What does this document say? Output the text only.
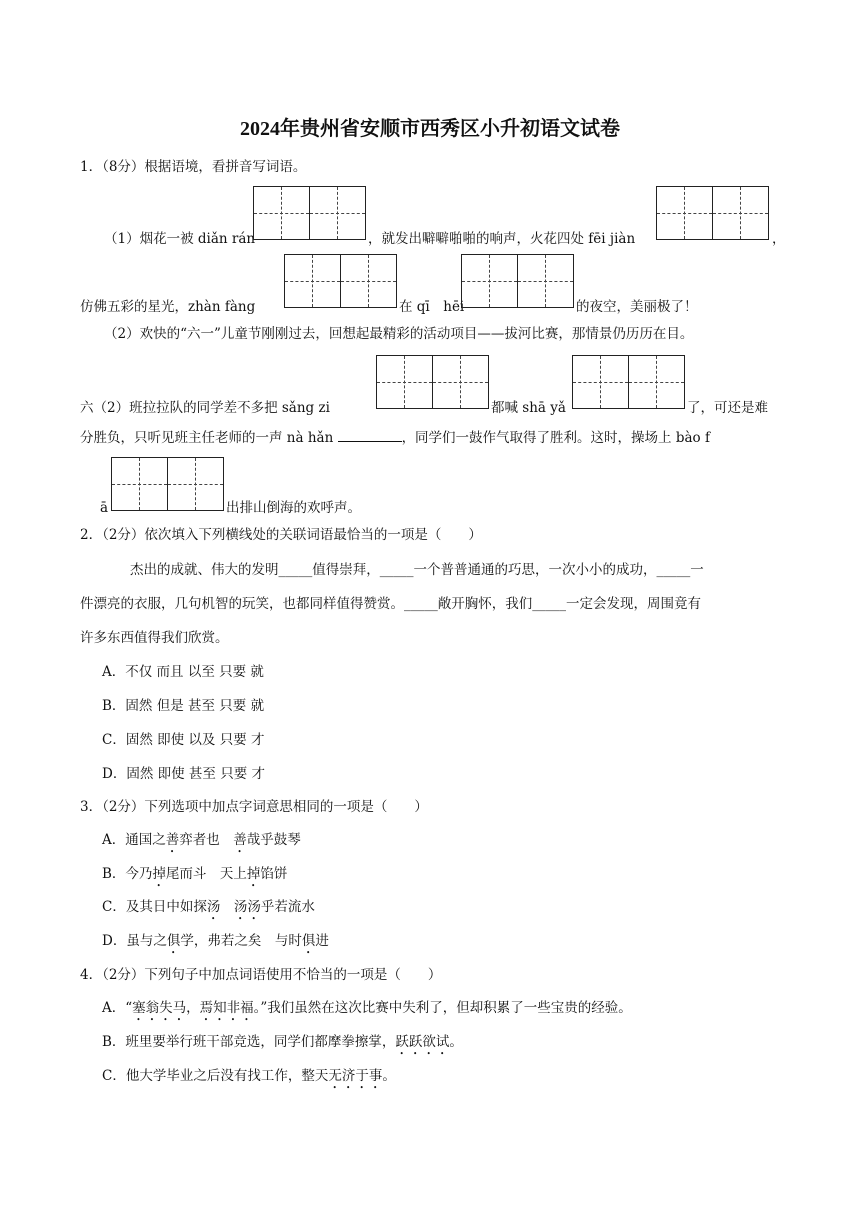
2024年贵州省安顺市西秀区小升初语文试卷
1．（8分）根据语境，看拼音写词语。
（1）烟花一被 diǎn rán	，就发出噼噼啪啪的响声，火花四处 fēi jiàn	，
仿佛五彩的星光，zhàn fàng	在 qī　hēi	的夜空，美丽极了！
（2）欢快的“六一”儿童节刚刚过去，回想起最精彩的活动项目——拔河比赛，那情景仍历历在目。
六（2）班拉拉队的同学差不多把 sǎng zi	都喊 shā yǎ	了，可还是难
分胜负，只听见班主任老师的一声 nà hǎn	，同学们一鼓作气取得了胜利。这时，操场上 bào f
ā	出排山倒海的欢呼声。
2．（2分）依次填入下列横线处的关联词语最恰当的一项是（　　）
杰出的成就、伟大的发明_____值得崇拜，_____一个普普通通的巧思，一次小小的成功，_____一
件漂亮的衣服，几句机智的玩笑，也都同样值得赞赏。_____敞开胸怀，我们_____一定会发现，周围竟有
许多东西值得我们欣赏。
A．不仅 而且 以至 只要 就
B．固然 但是 甚至 只要 就
C．固然 即使 以及 只要 才
D．固然 即使 甚至 只要 才
3．（2分）下列选项中加点字词意思相同的一项是（　　）
A．通国之善弈者也　善哉乎鼓琴
B．今乃掉尾而斗　天上掉馅饼
C．及其日中如探汤　 汤汤乎若流水
D．虽与之俱学，弗若之矣　与时俱进
4．（2分）下列句子中加点词语使用不恰当的一项是（　　）
A．“塞翁失马，焉知非福。”我们虽然在这次比赛中失利了，但却积累了一些宝贵的经验。
B．班里要举行班干部竞选，同学们都摩拳擦掌，跃跃欲试。
C．他大学毕业之后没有找工作，整天无济于事。
